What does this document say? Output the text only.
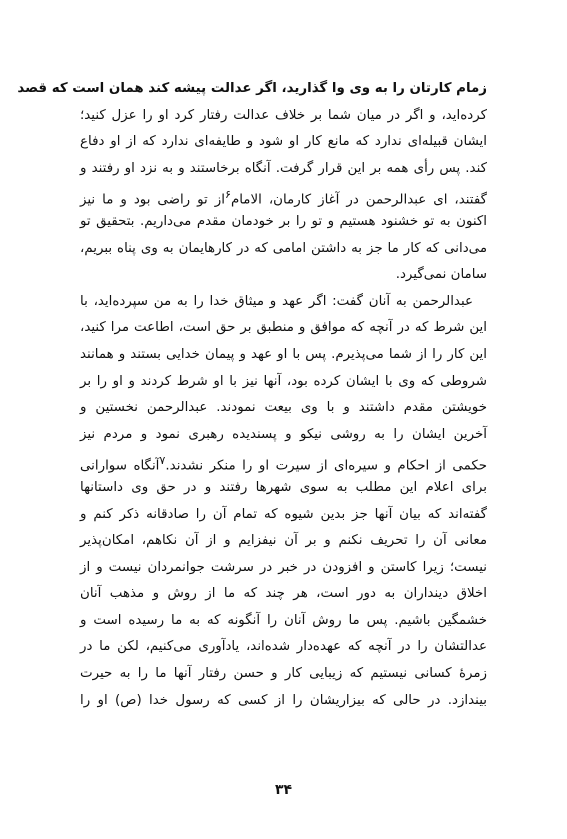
زمام کارتان را به وی وا گذارید، اگر عدالت پیشه کند همان است که قصد
کرده‌اید، و اگر در میان شما بر خلاف عدالت رفتار کرد او را عزل کنید؛
ایشان قبیله‌ای ندارد که مانع کار او شود و طایفه‌ای ندارد که از او دفاع
کند. پس رأی همه بر این قرار گرفت. آنگاه برخاستند و به نزد او رفتند و
گفتند، ای عبدالرحمن در آغاز کارمان، الامام$^۶$از تو راضی بود و ما نیز
اکنون به تو خشنود هستیم و تو را بر خودمان مقدم می‌داریم. بتحقیق تو
می‌دانی که کار ما جز به داشتن امامی که در کارهایمان به وی پناه ببریم،
سامان نمی‌گیرد.
عبدالرحمن به آنان گفت: اگر عهد و میثاق خدا را به من سپرده‌اید، با
این شرط که در آنچه که موافق و منطبق بر حق است، اطاعت مرا کنید،
این کار را از شما می‌پذیرم. پس با او عهد و پیمان خدایی بستند و همانند
شروطی که وی با ایشان کرده بود، آنها نیز با او شرط کردند و او را بر
خویشتن مقدم داشتند و با وی بیعت نمودند. عبدالرحمن نخستین و
آخرین ایشان را به روشی نیکو و پسندیده رهبری نمود و مردم نیز
حکمی از احکام و سیره‌ای از سیرت او را منکر نشدند.$^۷$آنگاه سوارانی
برای اعلام این مطلب به سوی شهرها رفتند و در حق وی داستانها
گفته‌اند که بیان آنها جز بدین شیوه که تمام آن را صادقانه ذکر کنم و
معانی آن را تحریف نکنم و بر آن نیفزایم و از آن نکاهم، امکان‌پذیر
نیست؛ زیرا کاستن و افزودن در خبر در سرشت جوانمردان نیست و از
اخلاق دینداران به دور است، هر چند که ما از روش و مذهب آنان
خشمگین باشیم. پس ما روش آنان را آنگونه که به ما رسیده است و
عدالتشان را در آنچه که عهده‌دار شده‌اند، یادآوری می‌کنیم، لکن ما در
زمرهٔ کسانی نیستیم که زیبایی کار و حسن رفتار آنها ما را به حیرت
بیندازد. در حالی که بیزاریشان را از کسی که رسول خدا (ص) او را
۳۴
